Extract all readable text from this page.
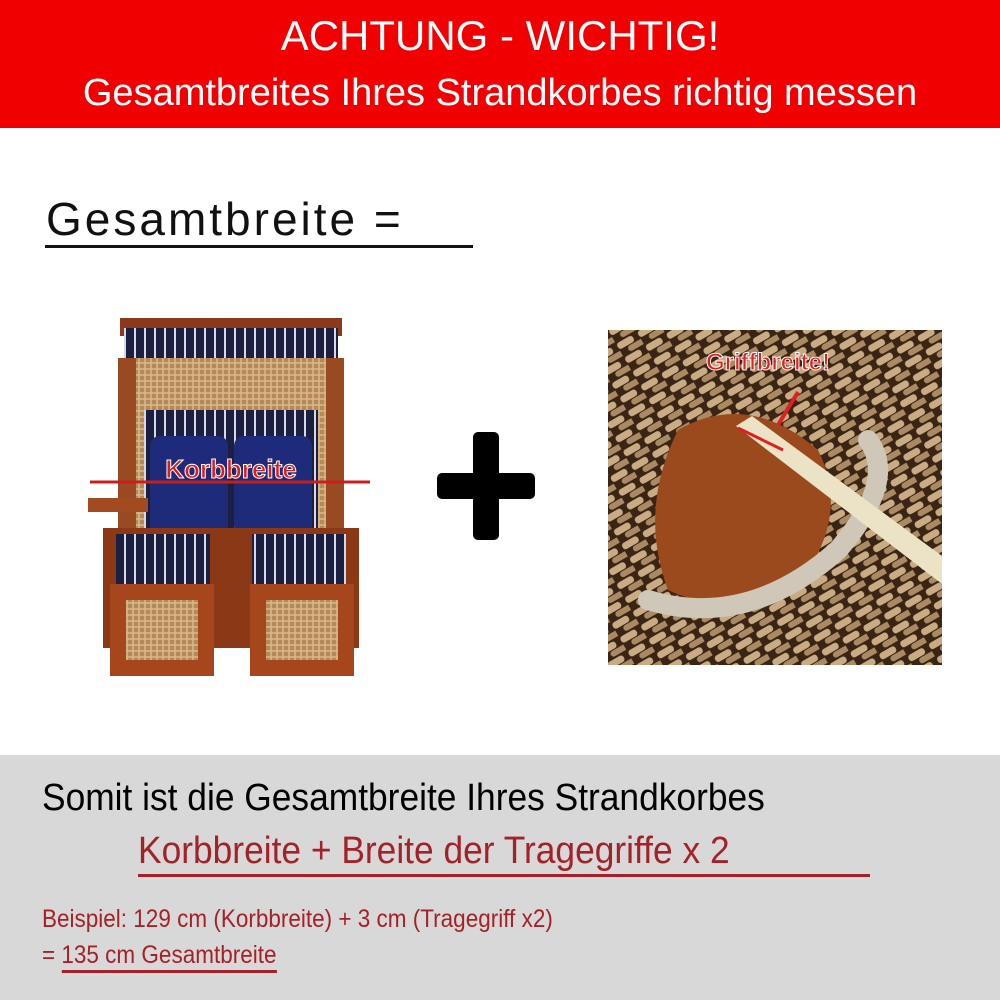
ACHTUNG - WICHTIG!
Gesamtbreites Ihres Strandkorbes richtig messen
Gesamtbreite =
Korbbreite
Griffbreite!
Somit ist die Gesamtbreite Ihres Strandkorbes
Korbbreite + Breite der Tragegriffe x 2
Beispiel: 129 cm (Korbbreite) + 3 cm (Tragegriff x2)
= 135 cm Gesamtbreite
